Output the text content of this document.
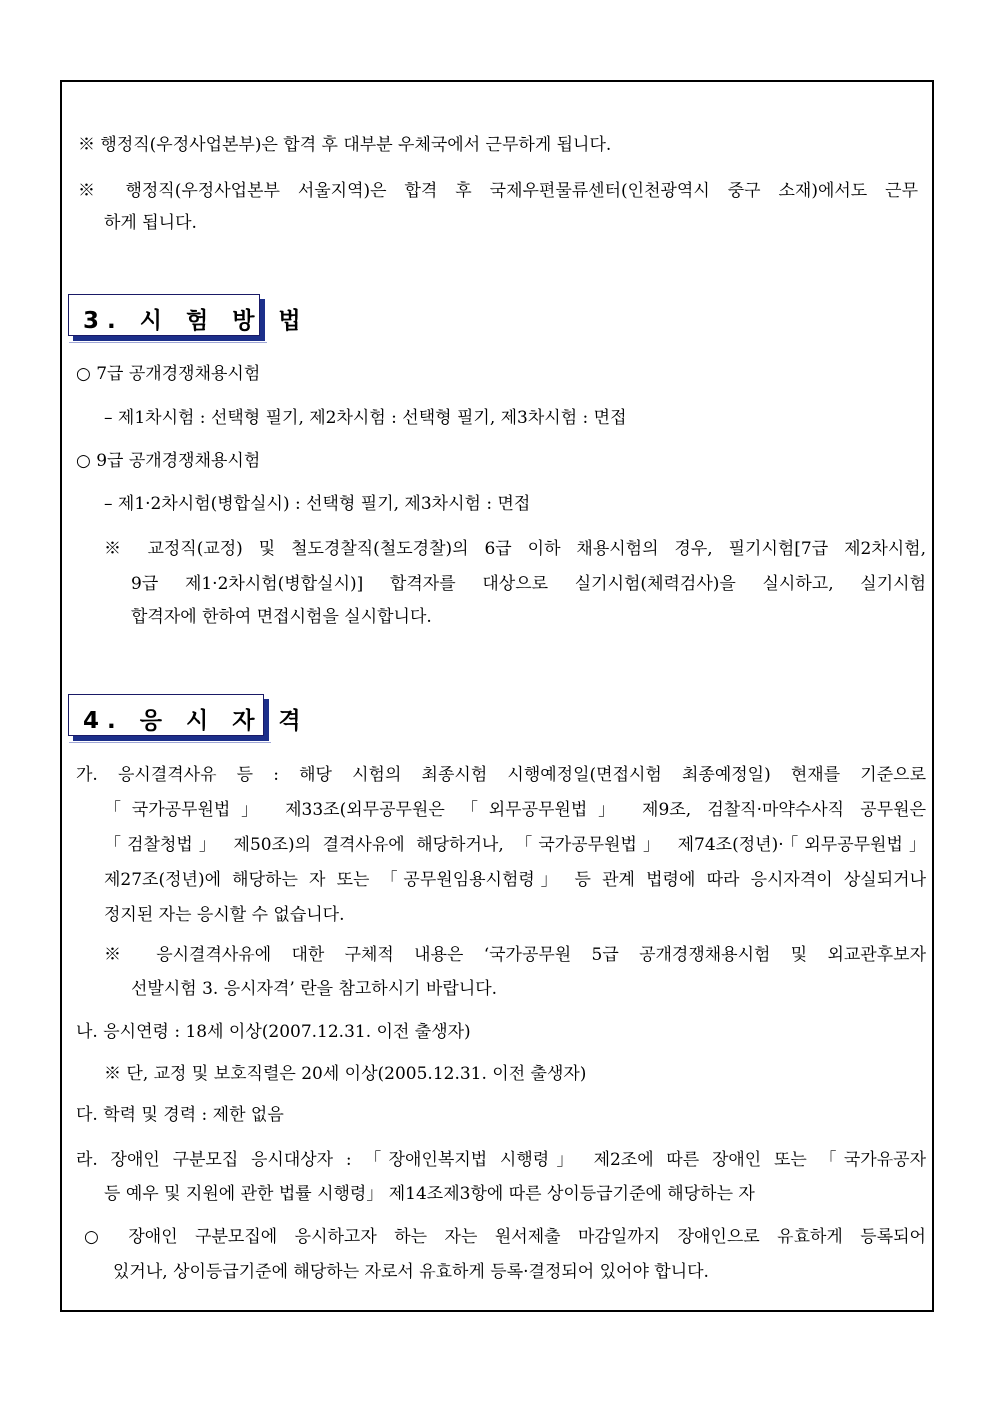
※ 행정직(우정사업본부)은 합격 후 대부분 우체국에서 근무하게 됩니다.
※ 행정직(우정사업본부 서울지역)은 합격 후 국제우편물류센터(인천광역시 중구 소재)에서도 근무
하게 됩니다.
3. 시 험 방 법
○ 7급 공개경쟁채용시험
– 제1차시험 : 선택형 필기, 제2차시험 : 선택형 필기, 제3차시험 : 면접
○ 9급 공개경쟁채용시험
– 제1·2차시험(병합실시) : 선택형 필기, 제3차시험 : 면접
※ 교정직(교정) 및 철도경찰직(철도경찰)의 6급 이하 채용시험의 경우, 필기시험[7급 제2차시험,
9급 제1·2차시험(병합실시)] 합격자를 대상으로 실기시험(체력검사)을 실시하고, 실기시험
합격자에 한하여 면접시험을 실시합니다.
4. 응 시 자 격
가. 응시결격사유 등 : 해당 시험의 최종시험 시행예정일(면접시험 최종예정일) 현재를 기준으로
「국가공무원법」 제33조(외무공무원은 「외무공무원법」 제9조, 검찰직·마약수사직 공무원은
「검찰청법」 제50조)의 결격사유에 해당하거나, 「국가공무원법」 제74조(정년)·「외무공무원법」
제27조(정년)에 해당하는 자 또는 「공무원임용시험령」 등 관계 법령에 따라 응시자격이 상실되거나
정지된 자는 응시할 수 없습니다.
※ 응시결격사유에 대한 구체적 내용은 ‘국가공무원 5급 공개경쟁채용시험 및 외교관후보자
선발시험 3. 응시자격’ 란을 참고하시기 바랍니다.
나. 응시연령 : 18세 이상(2007.12.31. 이전 출생자)
※ 단, 교정 및 보호직렬은 20세 이상(2005.12.31. 이전 출생자)
다. 학력 및 경력 : 제한 없음
라. 장애인 구분모집 응시대상자 : 「장애인복지법 시행령」 제2조에 따른 장애인 또는 「국가유공자
등 예우 및 지원에 관한 법률 시행령」 제14조제3항에 따른 상이등급기준에 해당하는 자
○ 장애인 구분모집에 응시하고자 하는 자는 원서제출 마감일까지 장애인으로 유효하게 등록되어
있거나, 상이등급기준에 해당하는 자로서 유효하게 등록·결정되어 있어야 합니다.
